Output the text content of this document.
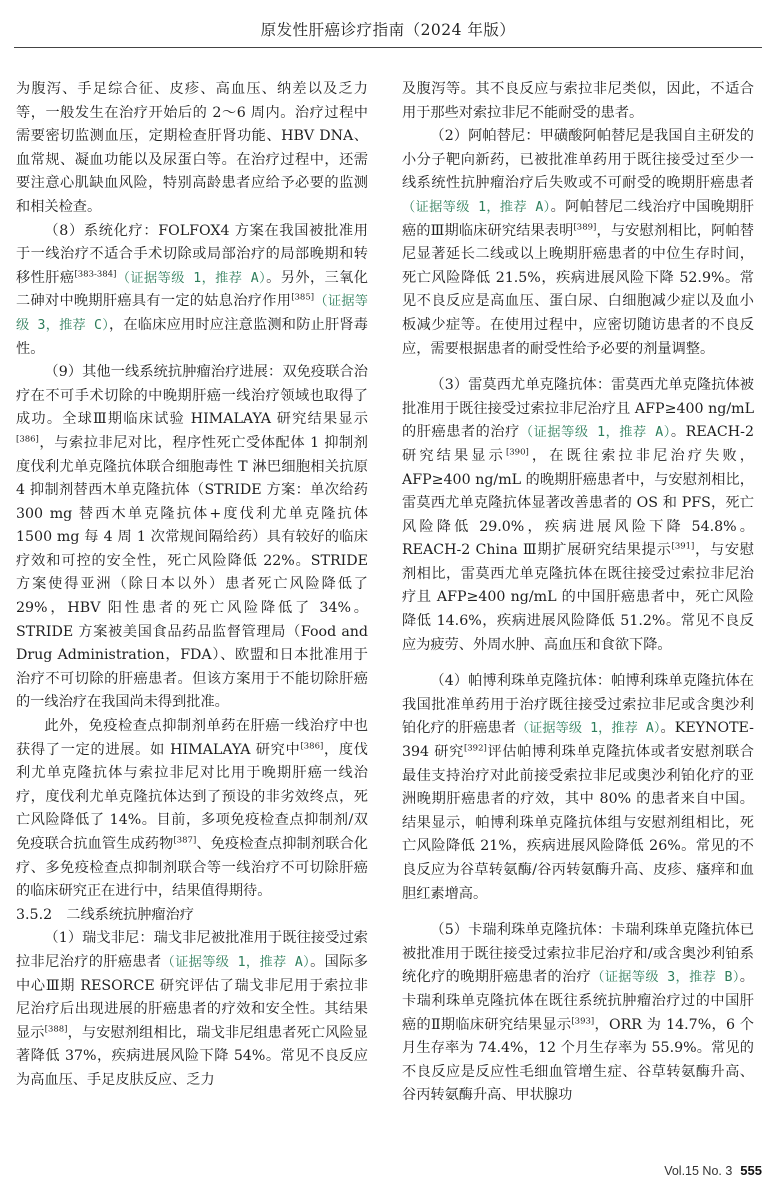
原发性肝癌诊疗指南（2024 年版）

为腹泻、手足综合征、皮疹、高血压、纳差以及乏力等，一般发生在治疗开始后的 2～6 周内。治疗过程中需要密切监测血压，定期检查肝肾功能、HBV DNA、血常规、凝血功能以及尿蛋白等。在治疗过程中，还需要注意心肌缺血风险，特别高龄患者应给予必要的监测和相关检查。

（8）系统化疗：FOLFOX4 方案在我国被批准用于一线治疗不适合手术切除或局部治疗的局部晚期和转移性肝癌[383-384]（证据等级 1，推荐 A）。另外，三氧化二砷对中晚期肝癌具有一定的姑息治疗作用[385]（证据等级 3，推荐 C），在临床应用时应注意监测和防止肝肾毒性。

（9）其他一线系统抗肿瘤治疗进展：双免疫联合治疗在不可手术切除的中晚期肝癌一线治疗领域也取得了成功。全球Ⅲ期临床试验 HIMALAYA 研究结果显示[386]，与索拉非尼对比，程序性死亡受体配体 1 抑制剂度伐利尤单克隆抗体联合细胞毒性 T 淋巴细胞相关抗原 4 抑制剂替西木单克隆抗体（STRIDE 方案：单次给药 300 mg 替西木单克隆抗体+度伐利尤单克隆抗体 1500 mg 每 4 周 1 次常规间隔给药）具有较好的临床疗效和可控的安全性，死亡风险降低 22%。STRIDE 方案使得亚洲（除日本以外）患者死亡风险降低了 29%，HBV 阳性患者的死亡风险降低了 34%。STRIDE 方案被美国食品药品监督管理局（Food and Drug Administration，FDA）、欧盟和日本批准用于治疗不可切除的肝癌患者。但该方案用于不能切除肝癌的一线治疗在我国尚未得到批准。

此外，免疫检查点抑制剂单药在肝癌一线治疗中也获得了一定的进展。如 HIMALAYA 研究中[386]，度伐利尤单克隆抗体与索拉非尼对比用于晚期肝癌一线治疗，度伐利尤单克隆抗体达到了预设的非劣效终点，死亡风险降低了 14%。目前，多项免疫检查点抑制剂/双免疫联合抗血管生成药物[387]、免疫检查点抑制剂联合化疗、多免疫检查点抑制剂联合等一线治疗不可切除肝癌的临床研究正在进行中，结果值得期待。

3.5.2　二线系统抗肿瘤治疗

（1）瑞戈非尼：瑞戈非尼被批准用于既往接受过索拉非尼治疗的肝癌患者（证据等级 1，推荐 A）。国际多中心Ⅲ期 RESORCE 研究评估了瑞戈非尼用于索拉非尼治疗后出现进展的肝癌患者的疗效和安全性。其结果显示[388]，与安慰剂组相比，瑞戈非尼组患者死亡风险显著降低 37%，疾病进展风险下降 54%。常见不良反应为高血压、手足皮肤反应、乏力

及腹泻等。其不良反应与索拉非尼类似，因此，不适合用于那些对索拉非尼不能耐受的患者。

（2）阿帕替尼：甲磺酸阿帕替尼是我国自主研发的小分子靶向新药，已被批准单药用于既往接受过至少一线系统性抗肿瘤治疗后失败或不可耐受的晚期肝癌患者（证据等级 1，推荐 A）。阿帕替尼二线治疗中国晚期肝癌的Ⅲ期临床研究结果表明[389]，与安慰剂相比，阿帕替尼显著延长二线或以上晚期肝癌患者的中位生存时间，死亡风险降低 21.5%，疾病进展风险下降 52.9%。常见不良反应是高血压、蛋白尿、白细胞减少症以及血小板减少症等。在使用过程中，应密切随访患者的不良反应，需要根据患者的耐受性给予必要的剂量调整。

（3）雷莫西尤单克隆抗体：雷莫西尤单克隆抗体被批准用于既往接受过索拉非尼治疗且 AFP≥400 ng/mL 的肝癌患者的治疗（证据等级 1，推荐 A）。REACH-2 研究结果显示[390]，在既往索拉非尼治疗失败，AFP≥400 ng/mL 的晚期肝癌患者中，与安慰剂相比，雷莫西尤单克隆抗体显著改善患者的 OS 和 PFS，死亡风险降低 29.0%，疾病进展风险下降 54.8%。REACH-2 China Ⅲ期扩展研究结果提示[391]，与安慰剂相比，雷莫西尤单克隆抗体在既往接受过索拉非尼治疗且 AFP≥400 ng/mL 的中国肝癌患者中，死亡风险降低 14.6%，疾病进展风险降低 51.2%。常见不良反应为疲劳、外周水肿、高血压和食欲下降。

（4）帕博利珠单克隆抗体：帕博利珠单克隆抗体在我国批准单药用于治疗既往接受过索拉非尼或含奥沙利铂化疗的肝癌患者（证据等级 1，推荐 A）。KEYNOTE-394 研究[392]评估帕博利珠单克隆抗体或者安慰剂联合最佳支持治疗对此前接受索拉非尼或奥沙利铂化疗的亚洲晚期肝癌患者的疗效，其中 80% 的患者来自中国。结果显示，帕博利珠单克隆抗体组与安慰剂组相比，死亡风险降低 21%，疾病进展风险降低 26%。常见的不良反应为谷草转氨酶/谷丙转氨酶升高、皮疹、瘙痒和血胆红素增高。

（5）卡瑞利珠单克隆抗体：卡瑞利珠单克隆抗体已被批准用于既往接受过索拉非尼治疗和/或含奥沙利铂系统化疗的晚期肝癌患者的治疗（证据等级 3，推荐 B）。卡瑞利珠单克隆抗体在既往系统抗肿瘤治疗过的中国肝癌的Ⅱ期临床研究结果显示[393]，ORR 为 14.7%，6 个月生存率为 74.4%，12 个月生存率为 55.9%。常见的不良反应是反应性毛细血管增生症、谷草转氨酶升高、谷丙转氨酶升高、甲状腺功

Vol.15 No. 3 555
